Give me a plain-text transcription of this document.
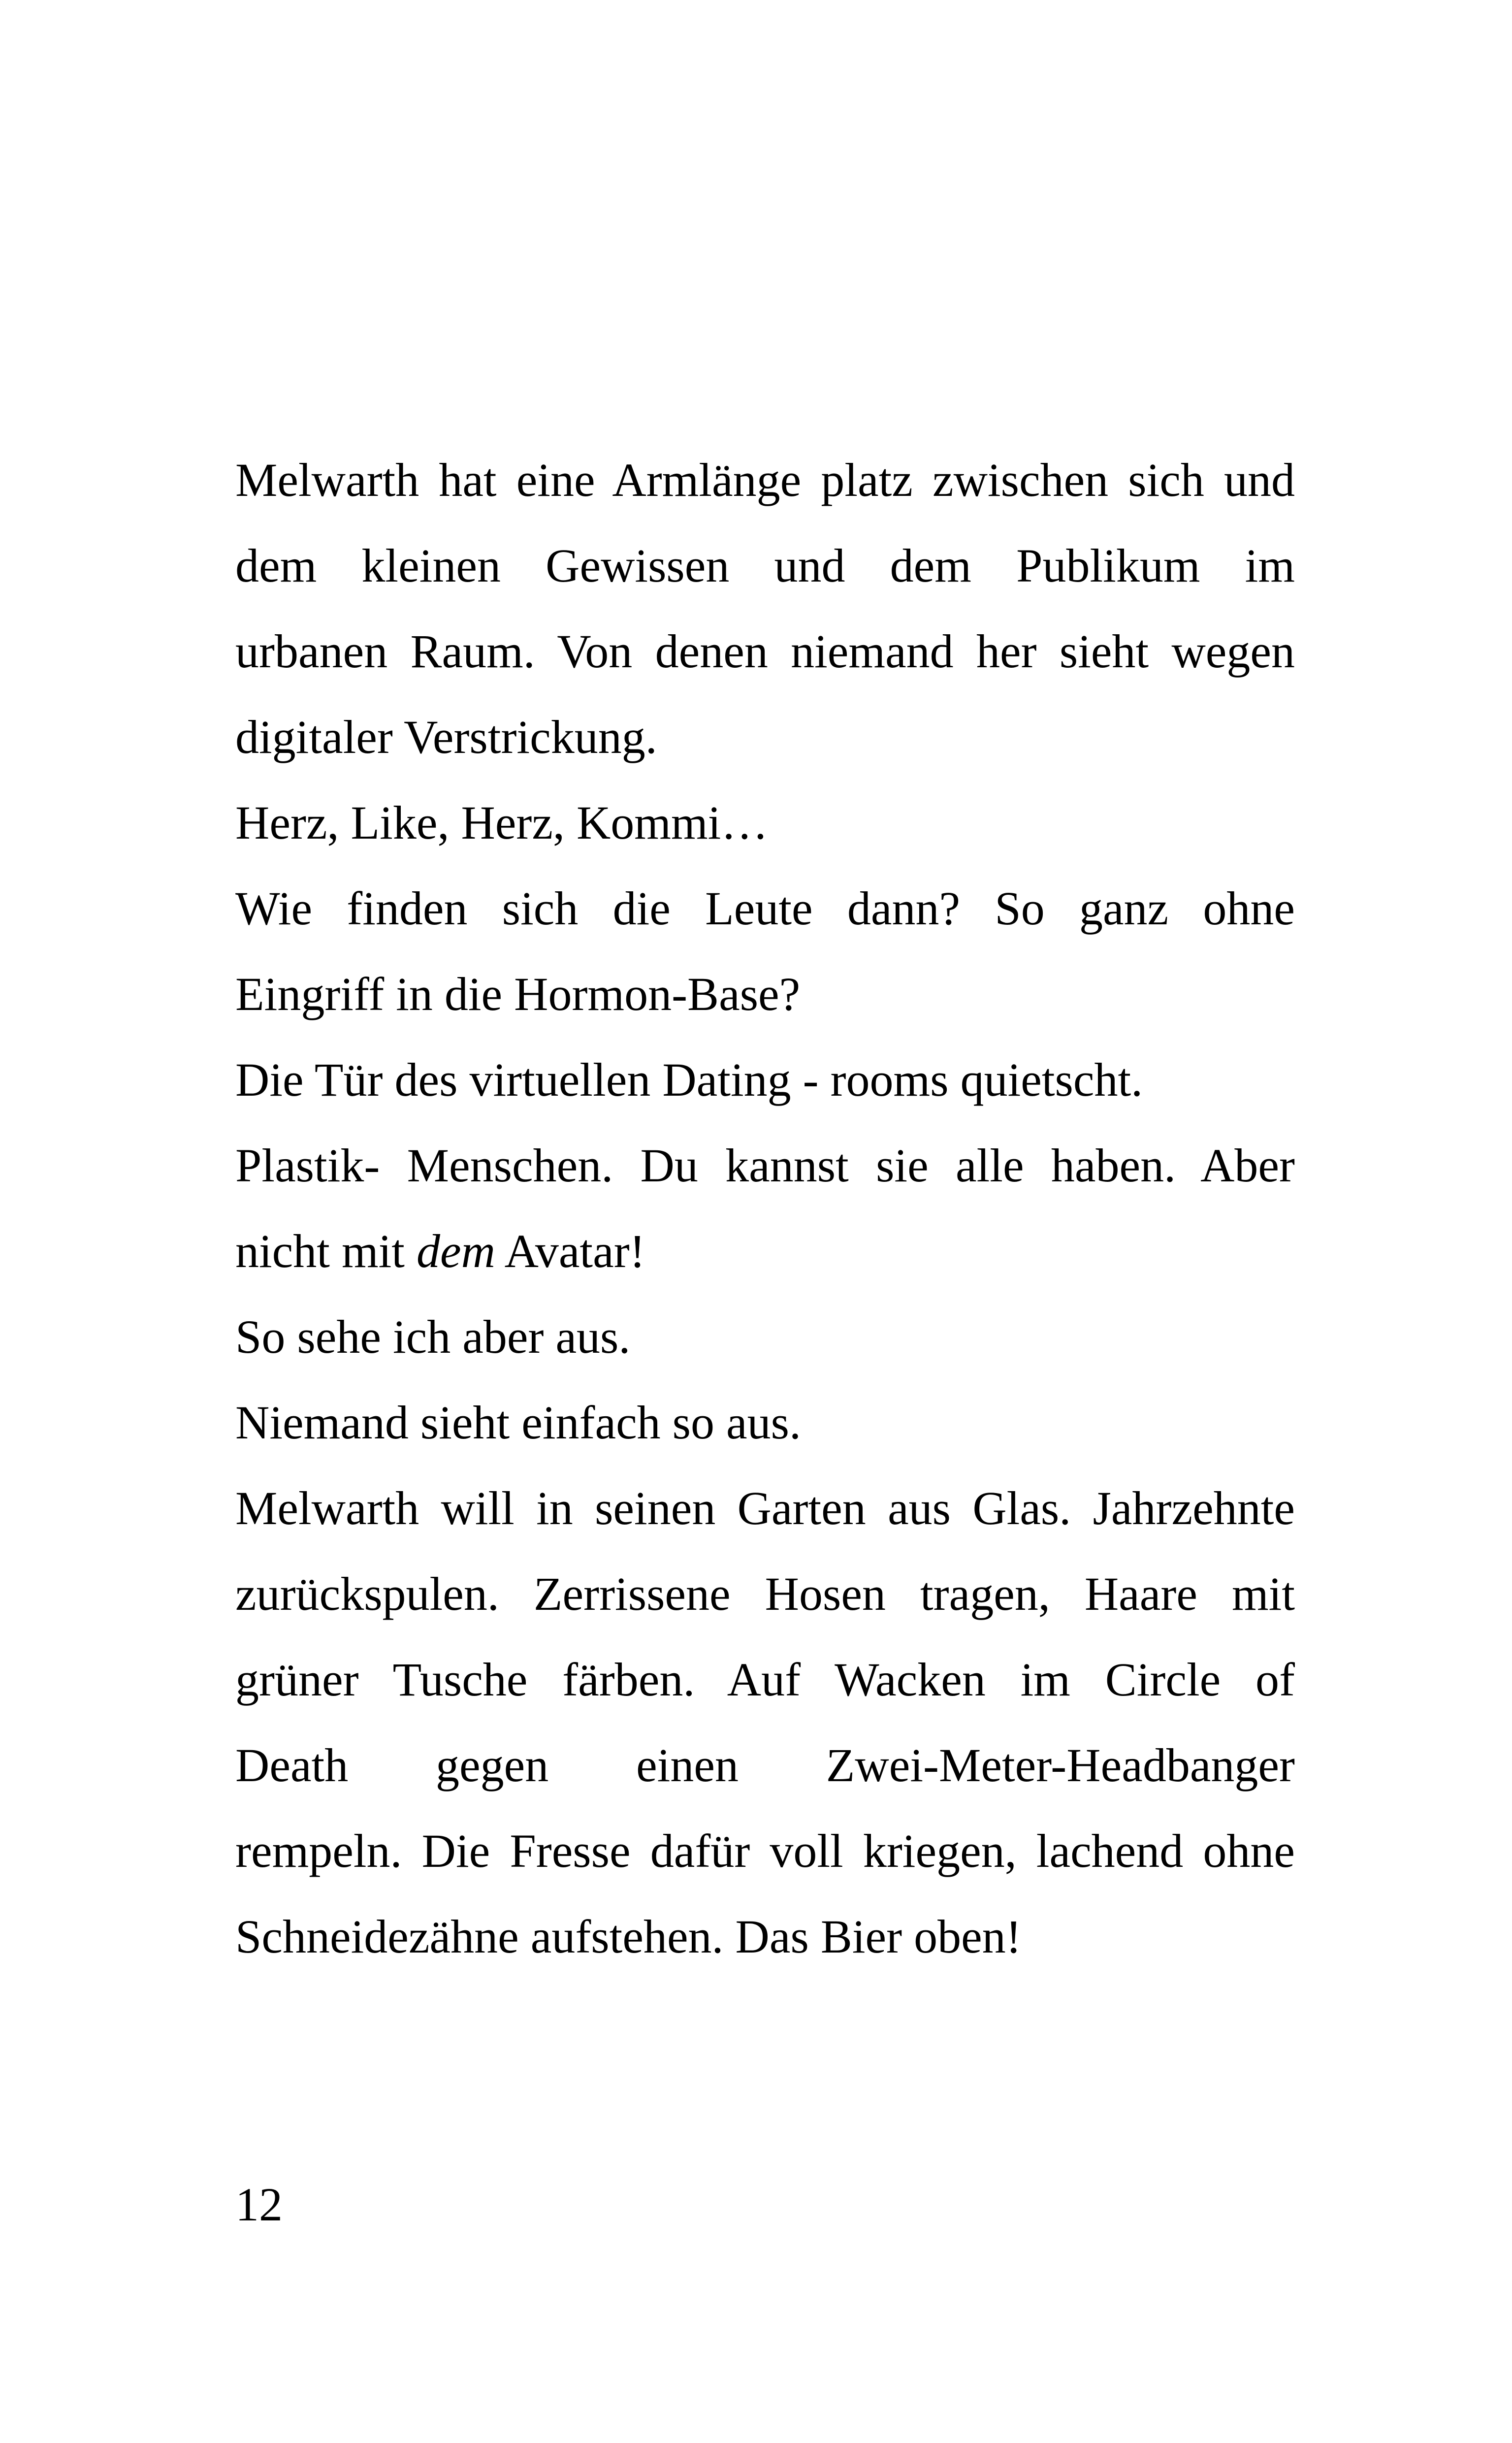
Melwarth hat eine Armlänge platz zwischen sich und
dem kleinen Gewissen und dem Publikum im
urbanen Raum. Von denen niemand her sieht wegen
digitaler Verstrickung.
Herz, Like, Herz, Kommi…
Wie finden sich die Leute dann? So ganz ohne
Eingriff in die Hormon-Base?
Die Tür des virtuellen Dating - rooms quietscht.
Plastik- Menschen. Du kannst sie alle haben. Aber
nicht mit dem Avatar!
So sehe ich aber aus.
Niemand sieht einfach so aus.
Melwarth will in seinen Garten aus Glas. Jahrzehnte
zurückspulen. Zerrissene Hosen tragen, Haare mit
grüner Tusche färben. Auf Wacken im Circle of
Death gegen einen Zwei-Meter-Headbanger
rempeln. Die Fresse dafür voll kriegen, lachend ohne
Schneidezähne aufstehen. Das Bier oben!
12
